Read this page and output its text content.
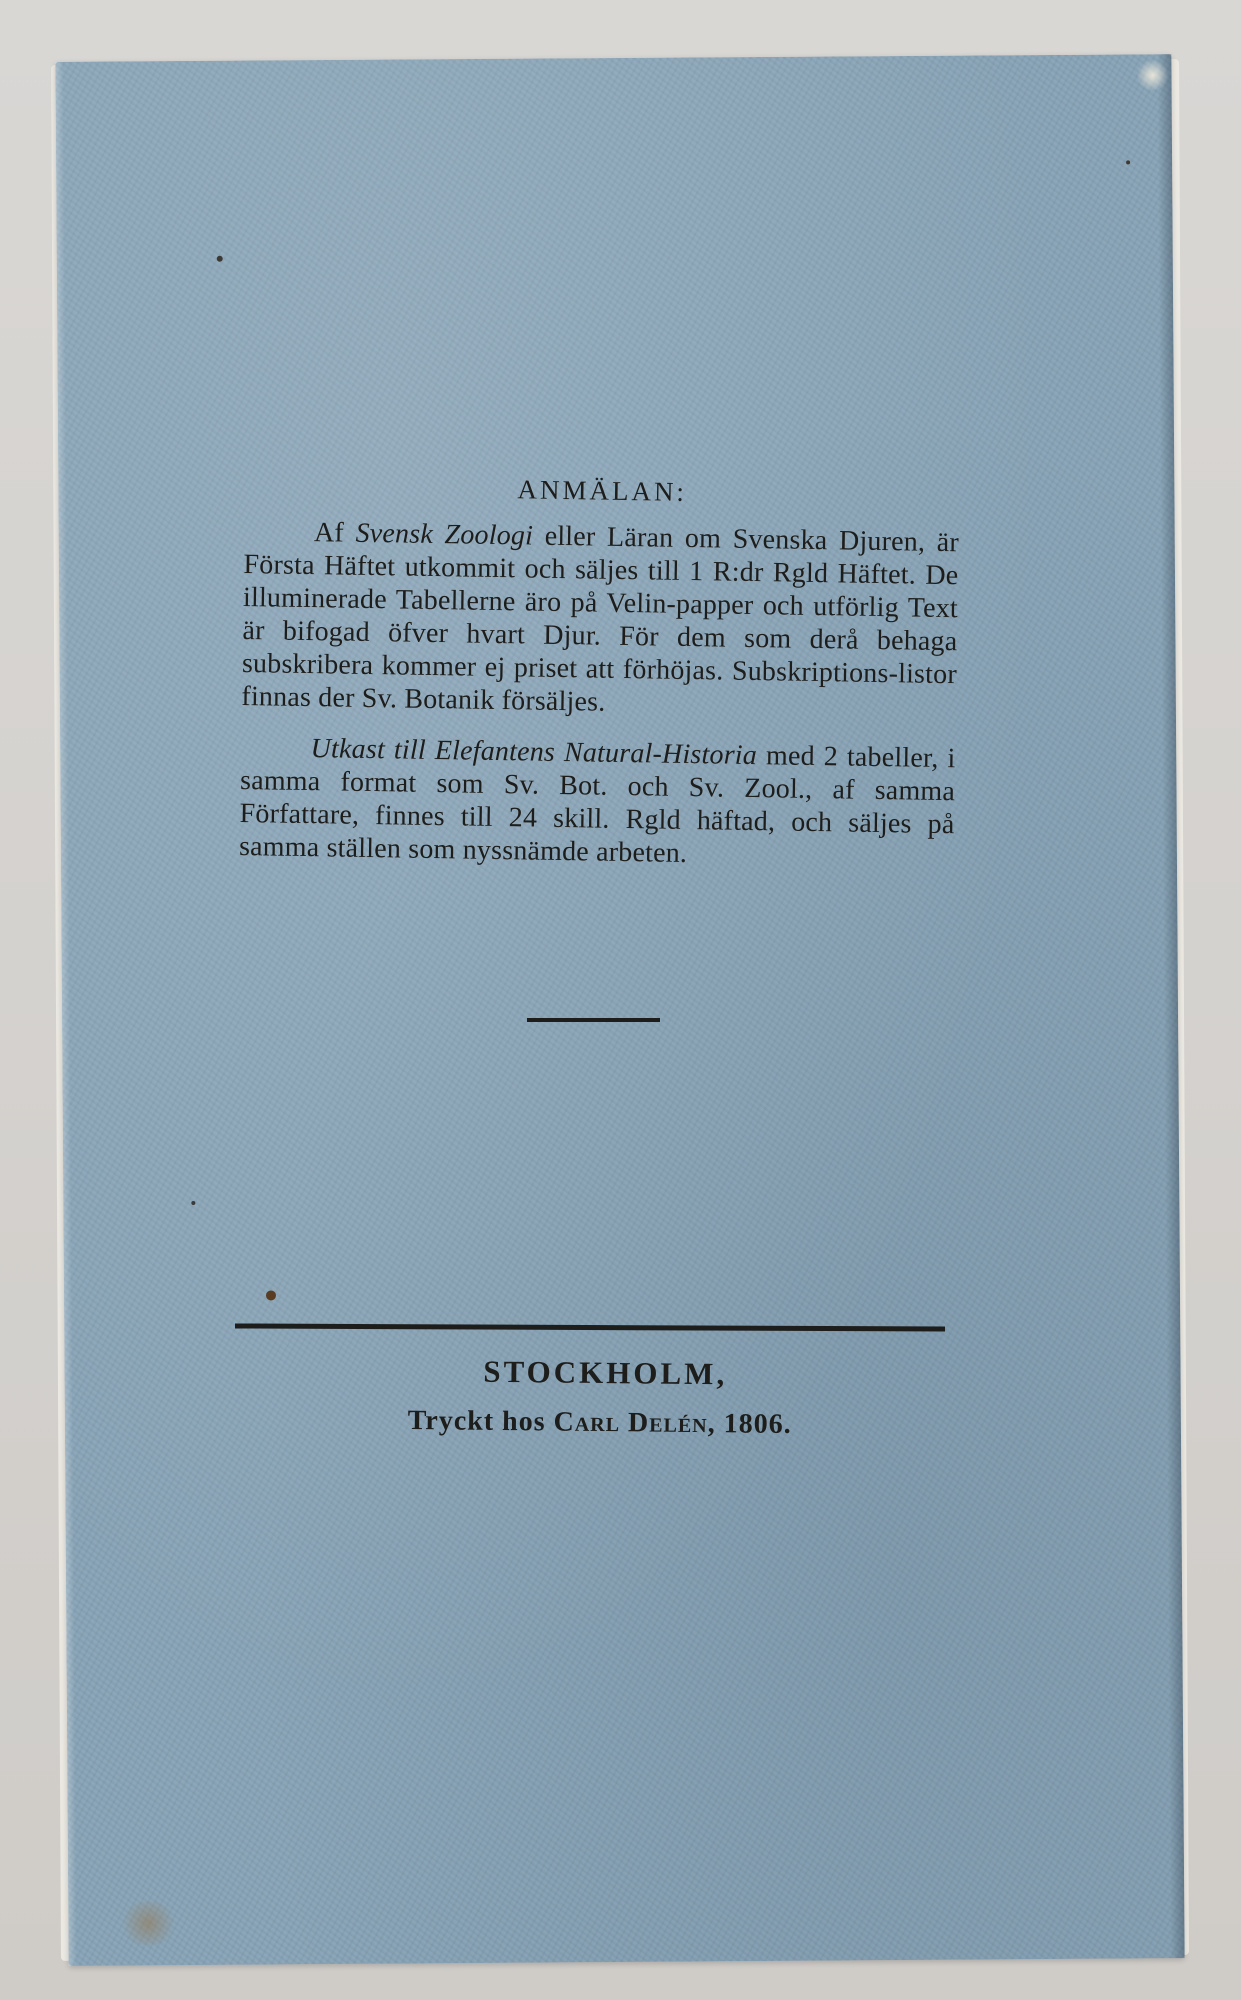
ANMÄLAN:

Af Svensk Zoologi eller Läran om Svenska Djuren, är Första Häftet utkommit och säljes till 1 R:dr Rgld Häftet. De illuminerade Tabellerne äro på Velin-papper och utförlig Text är bifogad öfver hvart Djur. För dem som derå behaga subskribera kommer ej priset att förhöjas. Subskriptions-listor finnas der Sv. Botanik försäljes.

Utkast till Elefantens Natural-Historia med 2 tabeller, i samma format som Sv. Bot. och Sv. Zool., af samma Författare, finnes till 24 skill. Rgld häftad, och säljes på samma ställen som nyssnämde arbeten.

STOCKHOLM,

Tryckt hos Carl Delén, 1806.
